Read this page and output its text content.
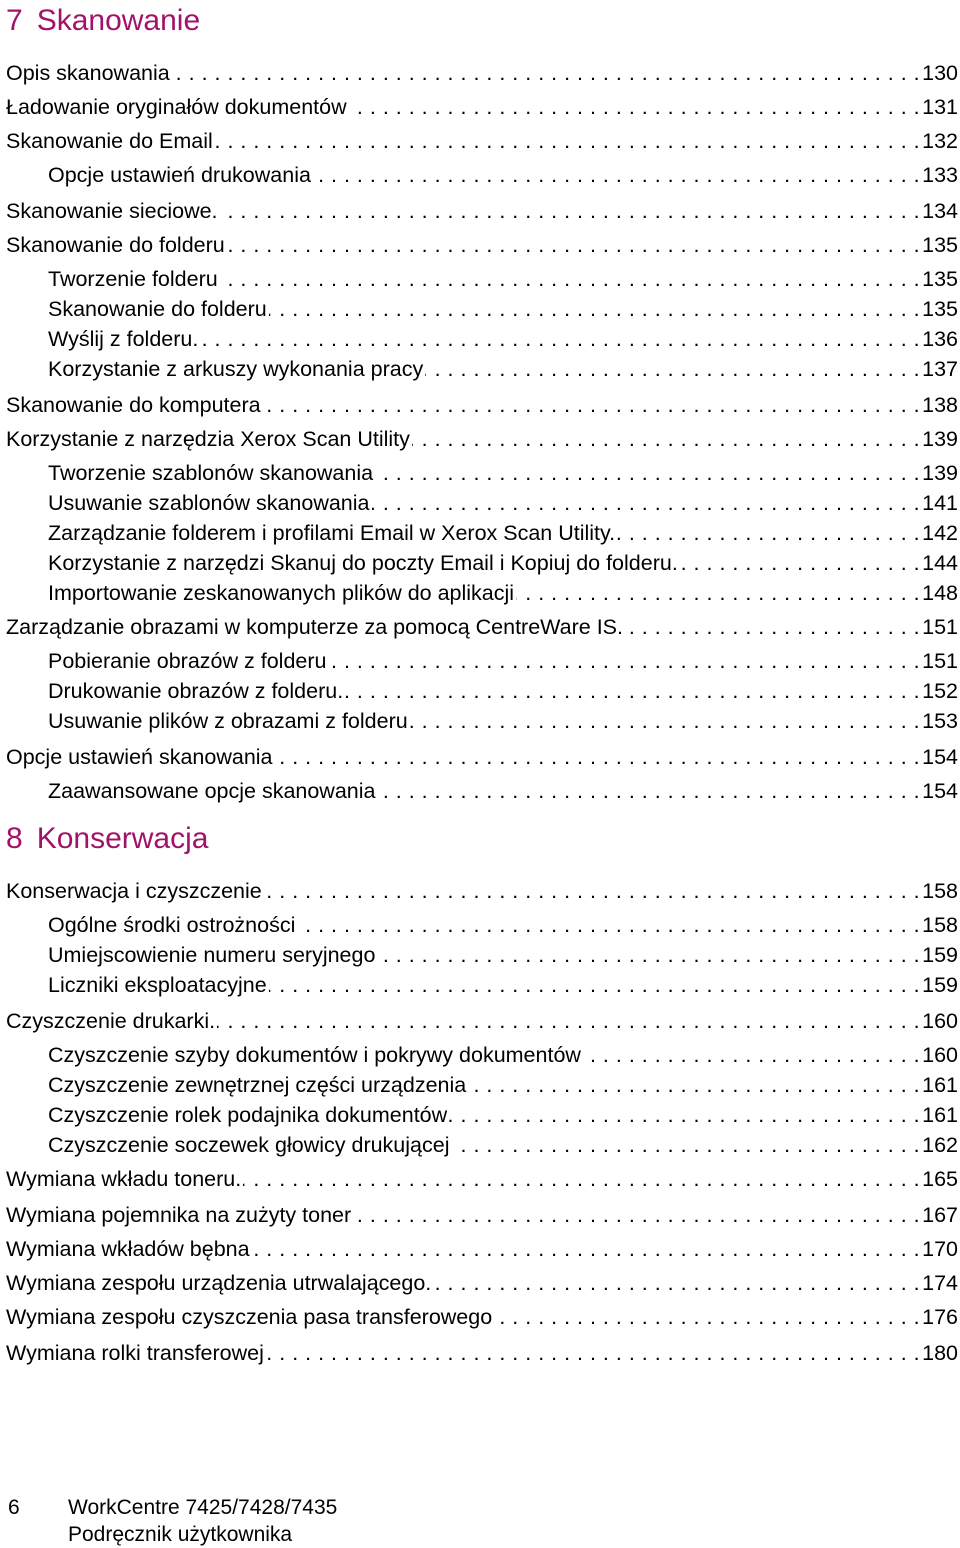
7 Skanowanie
Opis skanowania . . .	130
Ładowanie oryginałów dokumentów . . .	131
Skanowanie do Email . . .	132
Opcje ustawień drukowania . . .	133
Skanowanie sieciowe. . . .	134
Skanowanie do folderu . . .	135
Tworzenie folderu . . .	135
Skanowanie do folderu . . .	135
Wyślij z folderu. . . .	136
Korzystanie z arkuszy wykonania pracy . . .	137
Skanowanie do komputera . . .	138
Korzystanie z narzędzia Xerox Scan Utility . . .	139
Tworzenie szablonów skanowania . . .	139
Usuwanie szablonów skanowania . . .	141
Zarządzanie folderem i profilami Email w Xerox Scan Utility. . . .	142
Korzystanie z narzędzi Skanuj do poczty Email i Kopiuj do folderu. . . .	144
Importowanie zeskanowanych plików do aplikacji . . .	148
Zarządzanie obrazami w komputerze za pomocą CentreWare IS. . . .	151
Pobieranie obrazów z folderu . . .	151
Drukowanie obrazów z folderu. . . .	152
Usuwanie plików z obrazami z folderu . . .	153
Opcje ustawień skanowania . . .	154
Zaawansowane opcje skanowania . . .	154
8 Konserwacja
Konserwacja i czyszczenie . . .	158
Ogólne środki ostrożności . . .	158
Umiejscowienie numeru seryjnego . . .	159
Liczniki eksploatacyjne . . .	159
Czyszczenie drukarki. . . .	160
Czyszczenie szyby dokumentów i pokrywy dokumentów . . .	160
Czyszczenie zewnętrznej części urządzenia . . .	161
Czyszczenie rolek podajnika dokumentów . . .	161
Czyszczenie soczewek głowicy drukującej . . .	162
Wymiana wkładu toneru. . . .	165
Wymiana pojemnika na zużyty toner . . .	167
Wymiana wkładów bębna . . .	170
Wymiana zespołu urządzenia utrwalającego. . . .	174
Wymiana zespołu czyszczenia pasa transferowego . . .	176
Wymiana rolki transferowej . . .	180
6 WorkCentre 7425/7428/7435
Podręcznik użytkownika
